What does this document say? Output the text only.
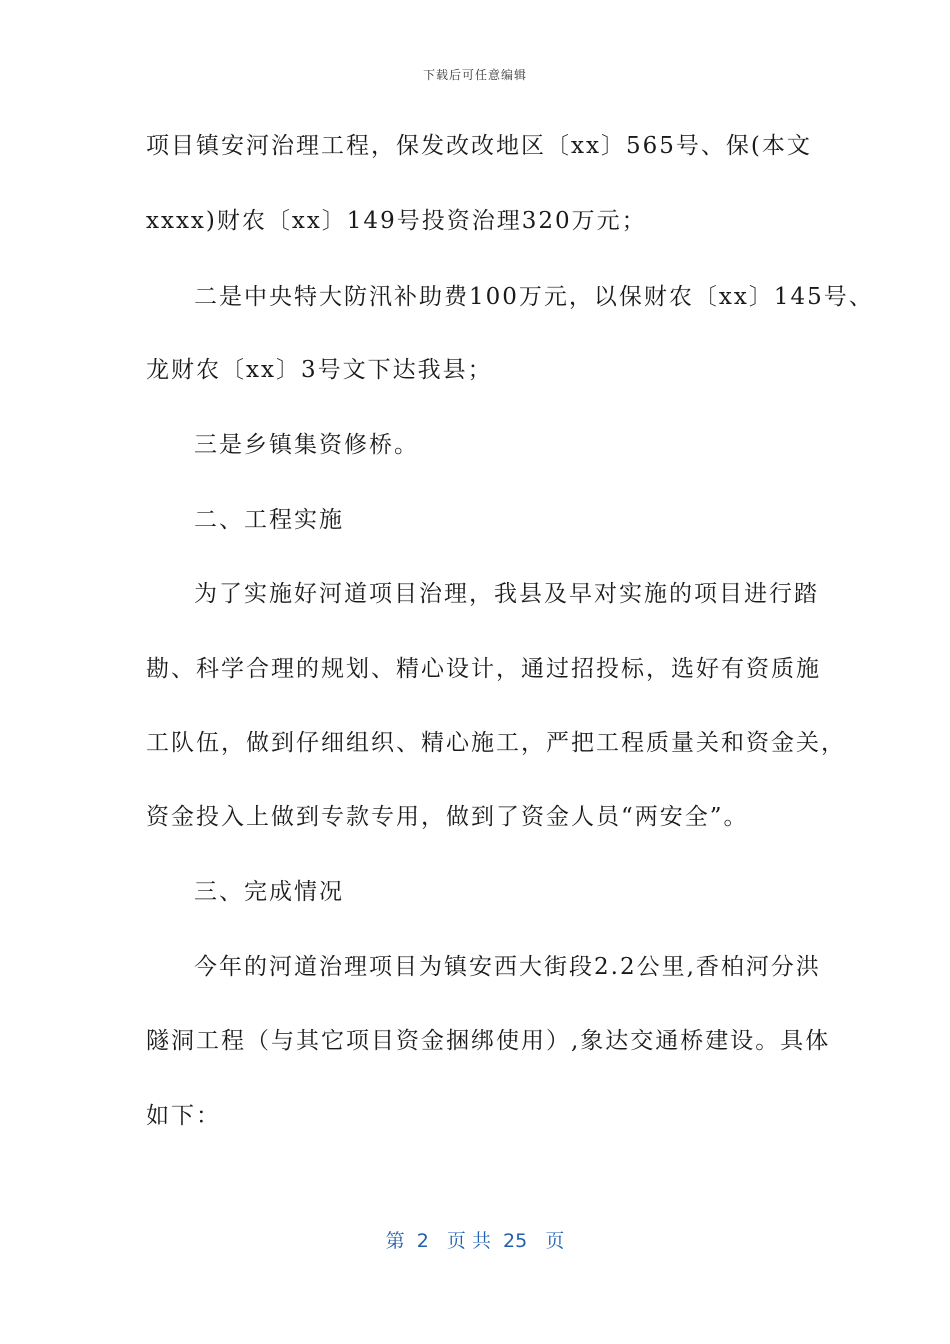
下载后可任意编辑
项目镇安河治理工程，保发改改地区〔xx〕565号、保(本文
xxxx)财农〔xx〕149号投资治理320万元；
二是中央特大防汛补助费100万元，以保财农〔xx〕145号、
龙财农〔xx〕3号文下达我县；
三是乡镇集资修桥。
二、工程实施
为了实施好河道项目治理，我县及早对实施的项目进行踏
勘、科学合理的规划、精心设计，通过招投标，选好有资质施
工队伍，做到仔细组织、精心施工，严把工程质量关和资金关，
资金投入上做到专款专用，做到了资金人员“两安全”。
三、完成情况
今年的河道治理项目为镇安西大街段2.2公里,香柏河分洪
隧洞工程（与其它项目资金捆绑使用）,象达交通桥建设。具体
如下：
第  2   页 共  25   页
